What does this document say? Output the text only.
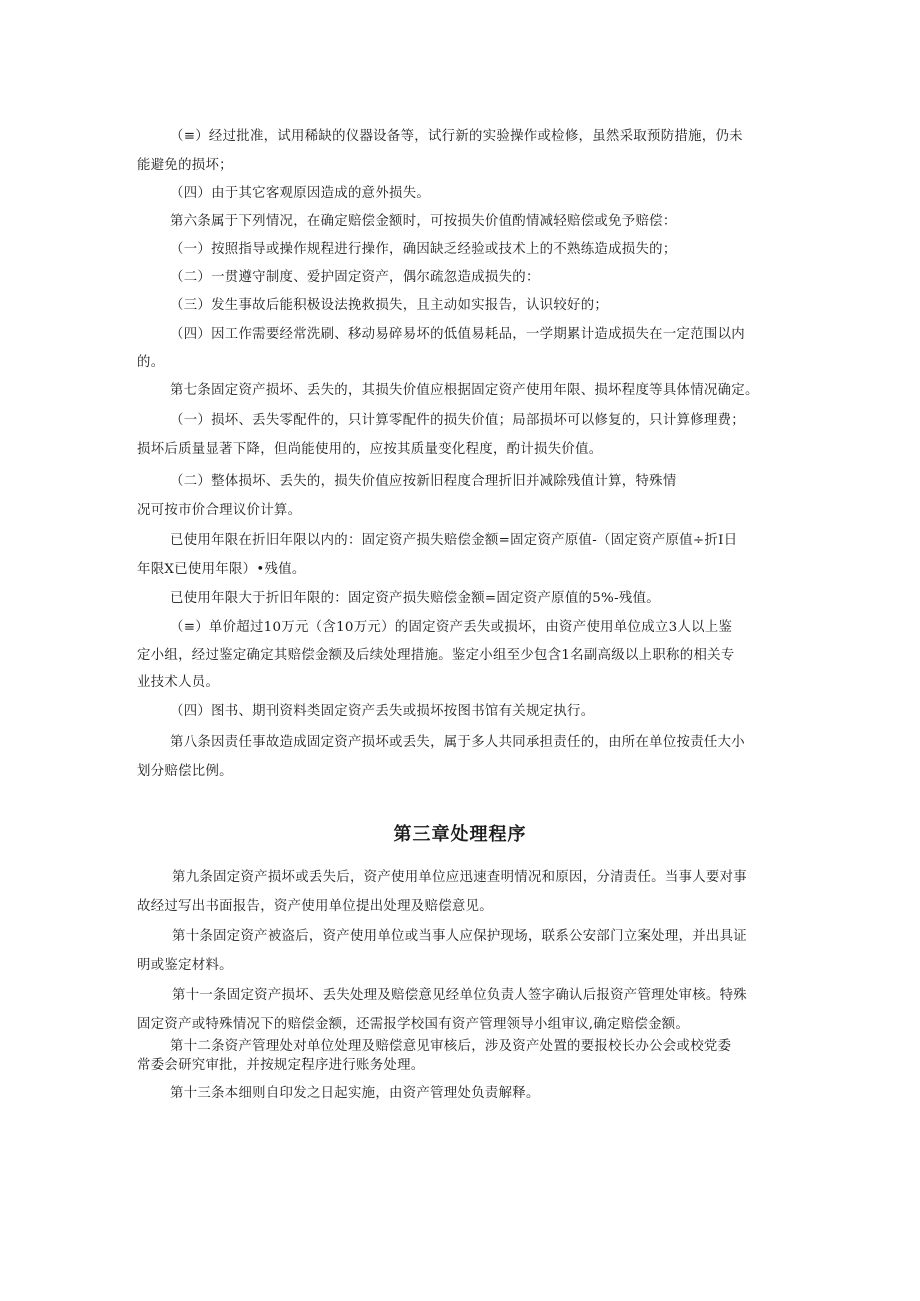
（≡）经过批准，试用稀缺的仪器设备等，试行新的实验操作或检修，虽然采取预防措施，仍未
能避免的损坏；
（四）由于其它客观原因造成的意外损失。
第六条属于下列情况，在确定赔偿金额时，可按损失价值酌情减轻赔偿或免予赔偿：
（一）按照指导或操作规程进行操作，确因缺乏经验或技术上的不熟练造成损失的；
（二）一贯遵守制度、爱护固定资产，偶尔疏忽造成损失的：
（三）发生事故后能积极设法挽救损失，且主动如实报告，认识较好的；
（四）因工作需要经常洗刷、移动易碎易坏的低值易耗品，一学期累计造成损失在一定范围以内
的。
第七条固定资产损坏、丢失的，其损失价值应根据固定资产使用年限、损坏程度等具体情况确定。
（一）损坏、丢失零配件的，只计算零配件的损失价值；局部损坏可以修复的，只计算修理费；
损坏后质量显著下降，但尚能使用的，应按其质量变化程度，酌计损失价值。
（二）整体损坏、丢失的，损失价值应按新旧程度合理折旧并减除残值计算，特殊情
况可按市价合理议价计算。
已使用年限在折旧年限以内的：固定资产损失赔偿金额=固定资产原值-（固定资产原值÷折I日
年限X已使用年限）•残值。
已使用年限大于折旧年限的：固定资产损失赔偿金额=固定资产原值的5%-残值。
（≡）单价超过10万元（含10万元）的固定资产丢失或损坏，由资产使用单位成立3人以上鉴
定小组，经过鉴定确定其赔偿金额及后续处理措施。鉴定小组至少包含1名副高级以上职称的相关专
业技术人员。
（四）图书、期刊资料类固定资产丢失或损坏按图书馆有关规定执行。
第八条因责任事故造成固定资产损坏或丢失，属于多人共同承担责任的，由所在单位按责任大小
划分赔偿比例。
第三章处理程序
第九条固定资产损坏或丢失后，资产使用单位应迅速查明情况和原因，分清责任。当事人要对事
故经过写出书面报告，资产使用单位提出处理及赔偿意见。
第十条固定资产被盗后，资产使用单位或当事人应保护现场，联系公安部门立案处理，并出具证
明或鉴定材料。
第十一条固定资产损坏、丢失处理及赔偿意见经单位负责人签字确认后报资产管理处审核。特殊
固定资产或特殊情况下的赔偿金额，还需报学校国有资产管理领导小组审议,确定赔偿金额。
第十二条资产管理处对单位处理及赔偿意见审核后，涉及资产处置的要报校长办公会或校党委
常委会研究审批，并按规定程序进行账务处理。
第十三条本细则自印发之日起实施，由资产管理处负责解释。
